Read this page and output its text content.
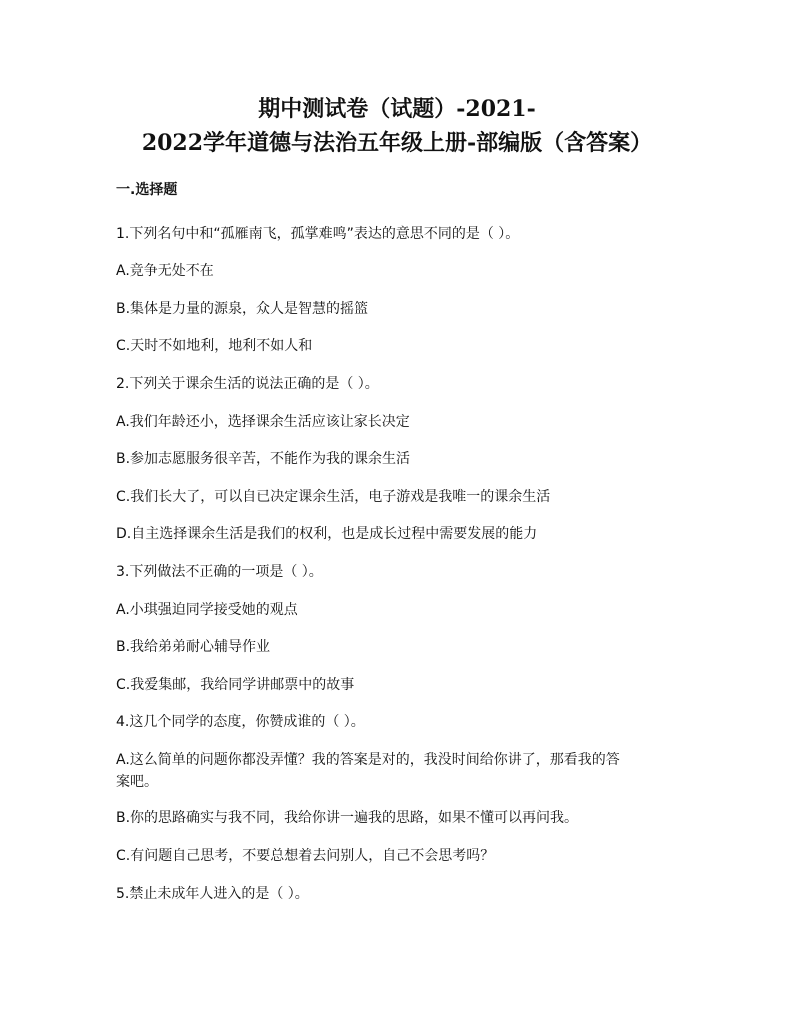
期中测试卷（试题）-2021-
2022学年道德与法治五年级上册-部编版（含答案）
一.选择题
1.下列名句中和“孤雁南飞，孤掌难鸣”表达的意思不同的是（ ）。
A.竞争无处不在
B.集体是力量的源泉，众人是智慧的摇篮
C.天时不如地利，地利不如人和
2.下列关于课余生活的说法正确的是（ ）。
A.我们年龄还小，选择课余生活应该让家长决定
B.参加志愿服务很辛苦，不能作为我的课余生活
C.我们长大了，可以自已决定课余生活，电子游戏是我唯一的课余生活
D.自主选择课余生活是我们的权利，也是成长过程中需要发展的能力
3.下列做法不正确的一项是（ ）。
A.小琪强迫同学接受她的观点
B.我给弟弟耐心辅导作业
C.我爱集邮，我给同学讲邮票中的故事
4.这几个同学的态度，你赞成谁的（ ）。
A.这么简单的问题你都没弄懂？我的答案是对的，我没时间给你讲了，那看我的答
案吧。
B.你的思路确实与我不同，我给你讲一遍我的思路，如果不懂可以再问我。
C.有问题自己思考，不要总想着去问别人，自己不会思考吗？
5.禁止未成年人进入的是（ ）。
